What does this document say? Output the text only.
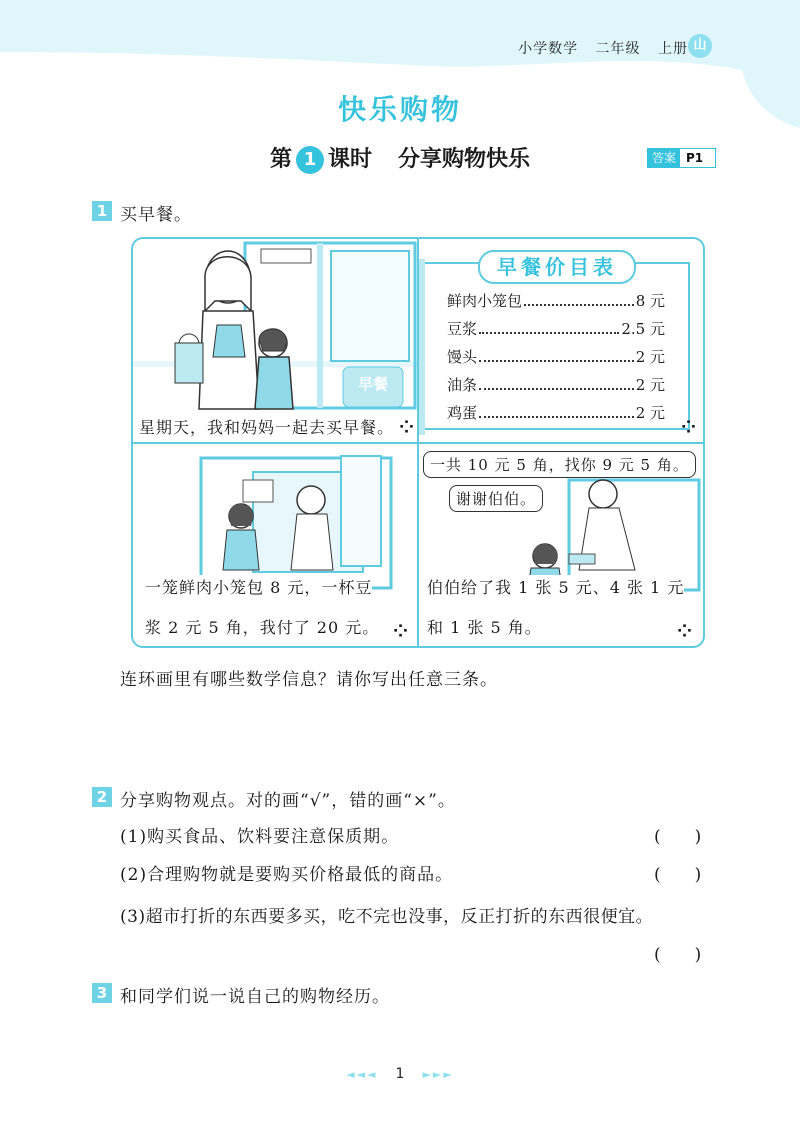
小学数学 二年级 上册 山
快乐购物
第 1 课时 分享购物快乐	答案 P1
1 买早餐。
早餐
星期天，我和妈妈一起去买早餐。 ⁘	⁘
一笼鲜肉小笼包 8 元，一杯豆
浆 2 元 5 角，我付了 20 元。 ⁘
一共 10 元 5 角，找你 9 元 5 角。
谢谢伯伯。
伯伯给了我 1 张 5 元、4 张 1 元
和 1 张 5 角。	⁘
早餐价目表
鲜肉小笼包	8 元
豆浆	2.5 元
馒头	2 元
油条	2 元
鸡蛋	2 元
连环画里有哪些数学信息？请你写出任意三条。
2 分享购物观点。对的画“√”，错的画“×”。
(1)购买食品、饮料要注意保质期。	(　　)
(2)合理购物就是要购买价格最低的商品。	(　　)
(3)超市打折的东西要多买，吃不完也没事，反正打折的东西很便宜。
(　　)
3 和同学们说一说自己的购物经历。
◄◄◄ 1 ►►►
